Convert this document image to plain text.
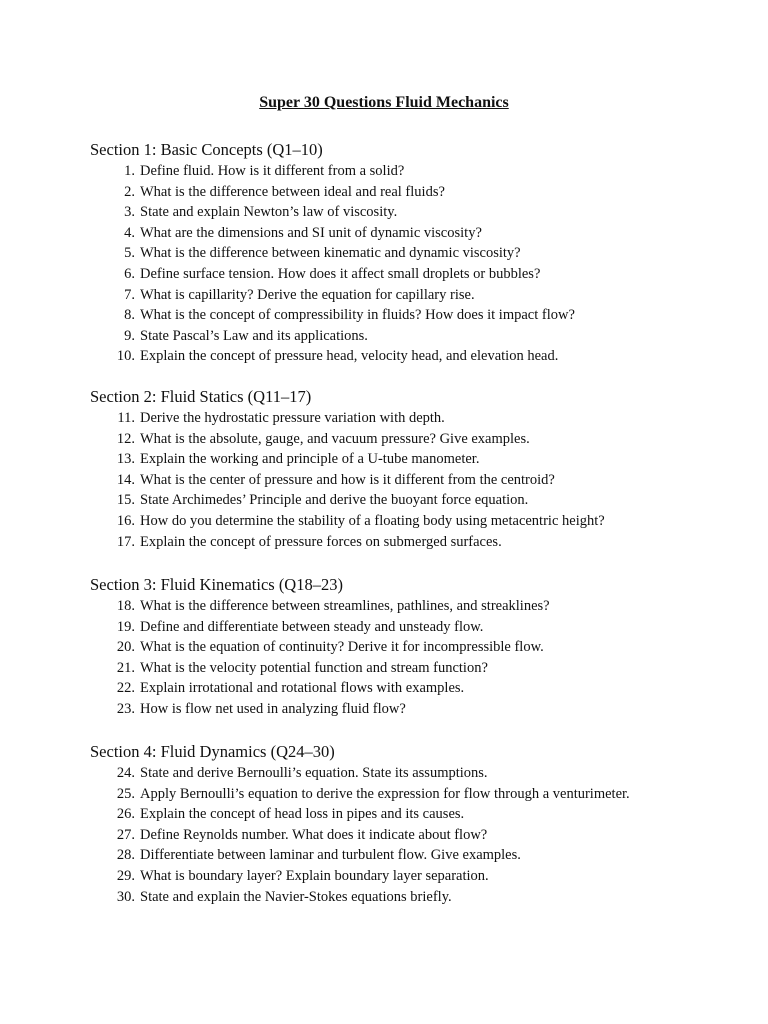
Super 30 Questions Fluid Mechanics
Section 1: Basic Concepts (Q1–10)
1. Define fluid. How is it different from a solid?
2. What is the difference between ideal and real fluids?
3. State and explain Newton’s law of viscosity.
4. What are the dimensions and SI unit of dynamic viscosity?
5. What is the difference between kinematic and dynamic viscosity?
6. Define surface tension. How does it affect small droplets or bubbles?
7. What is capillarity? Derive the equation for capillary rise.
8. What is the concept of compressibility in fluids? How does it impact flow?
9. State Pascal’s Law and its applications.
10. Explain the concept of pressure head, velocity head, and elevation head.
Section 2: Fluid Statics (Q11–17)
11. Derive the hydrostatic pressure variation with depth.
12. What is the absolute, gauge, and vacuum pressure? Give examples.
13. Explain the working and principle of a U-tube manometer.
14. What is the center of pressure and how is it different from the centroid?
15. State Archimedes’ Principle and derive the buoyant force equation.
16. How do you determine the stability of a floating body using metacentric height?
17. Explain the concept of pressure forces on submerged surfaces.
Section 3: Fluid Kinematics (Q18–23)
18. What is the difference between streamlines, pathlines, and streaklines?
19. Define and differentiate between steady and unsteady flow.
20. What is the equation of continuity? Derive it for incompressible flow.
21. What is the velocity potential function and stream function?
22. Explain irrotational and rotational flows with examples.
23. How is flow net used in analyzing fluid flow?
Section 4: Fluid Dynamics (Q24–30)
24. State and derive Bernoulli’s equation. State its assumptions.
25. Apply Bernoulli’s equation to derive the expression for flow through a venturimeter.
26. Explain the concept of head loss in pipes and its causes.
27. Define Reynolds number. What does it indicate about flow?
28. Differentiate between laminar and turbulent flow. Give examples.
29. What is boundary layer? Explain boundary layer separation.
30. State and explain the Navier-Stokes equations briefly.
